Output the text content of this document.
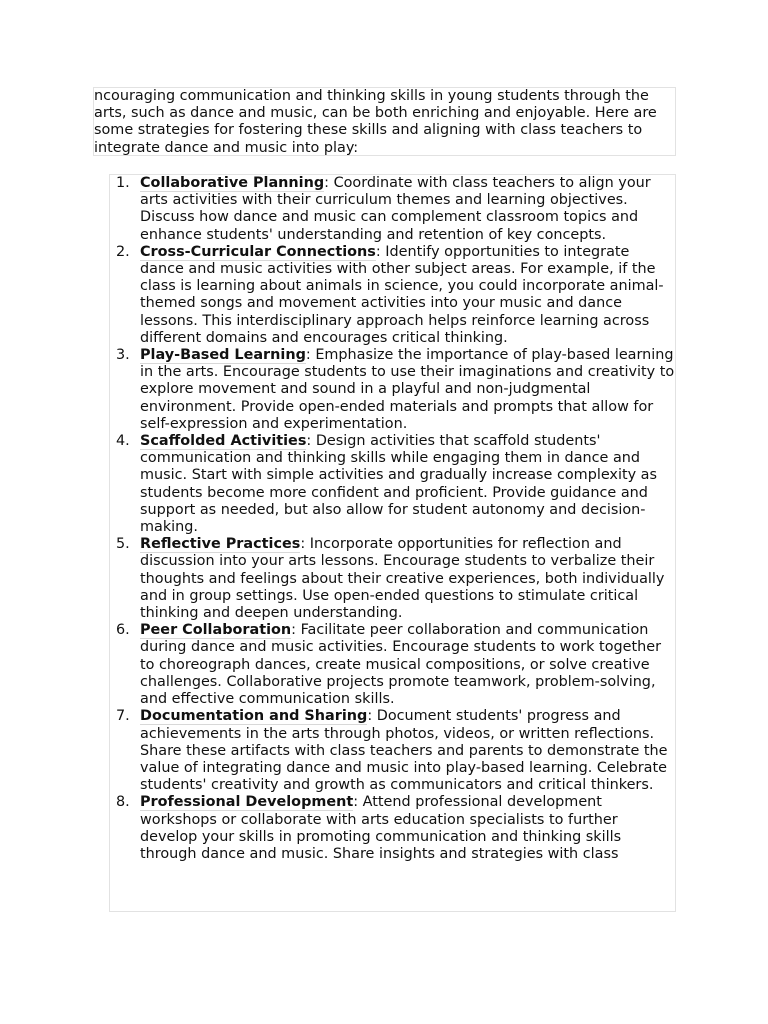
ncouraging communication and thinking skills in young students through the arts, such as dance and music, can be both enriching and enjoyable. Here are some strategies for fostering these skills and aligning with class teachers to integrate dance and music into play:
1. Collaborative Planning: Coordinate with class teachers to align your arts activities with their curriculum themes and learning objectives. Discuss how dance and music can complement classroom topics and enhance students' understanding and retention of key concepts.
2. Cross-Curricular Connections: Identify opportunities to integrate dance and music activities with other subject areas. For example, if the class is learning about animals in science, you could incorporate animal-themed songs and movement activities into your music and dance lessons. This interdisciplinary approach helps reinforce learning across different domains and encourages critical thinking.
3. Play-Based Learning: Emphasize the importance of play-based learning in the arts. Encourage students to use their imaginations and creativity to explore movement and sound in a playful and non-judgmental environment. Provide open-ended materials and prompts that allow for self-expression and experimentation.
4. Scaffolded Activities: Design activities that scaffold students' communication and thinking skills while engaging them in dance and music. Start with simple activities and gradually increase complexity as students become more confident and proficient. Provide guidance and support as needed, but also allow for student autonomy and decision-making.
5. Reflective Practices: Incorporate opportunities for reflection and discussion into your arts lessons. Encourage students to verbalize their thoughts and feelings about their creative experiences, both individually and in group settings. Use open-ended questions to stimulate critical thinking and deepen understanding.
6. Peer Collaboration: Facilitate peer collaboration and communication during dance and music activities. Encourage students to work together to choreograph dances, create musical compositions, or solve creative challenges. Collaborative projects promote teamwork, problem-solving, and effective communication skills.
7. Documentation and Sharing: Document students' progress and achievements in the arts through photos, videos, or written reflections. Share these artifacts with class teachers and parents to demonstrate the value of integrating dance and music into play-based learning. Celebrate students' creativity and growth as communicators and critical thinkers.
8. Professional Development: Attend professional development workshops or collaborate with arts education specialists to further develop your skills in promoting communication and thinking skills through dance and music. Share insights and strategies with class
